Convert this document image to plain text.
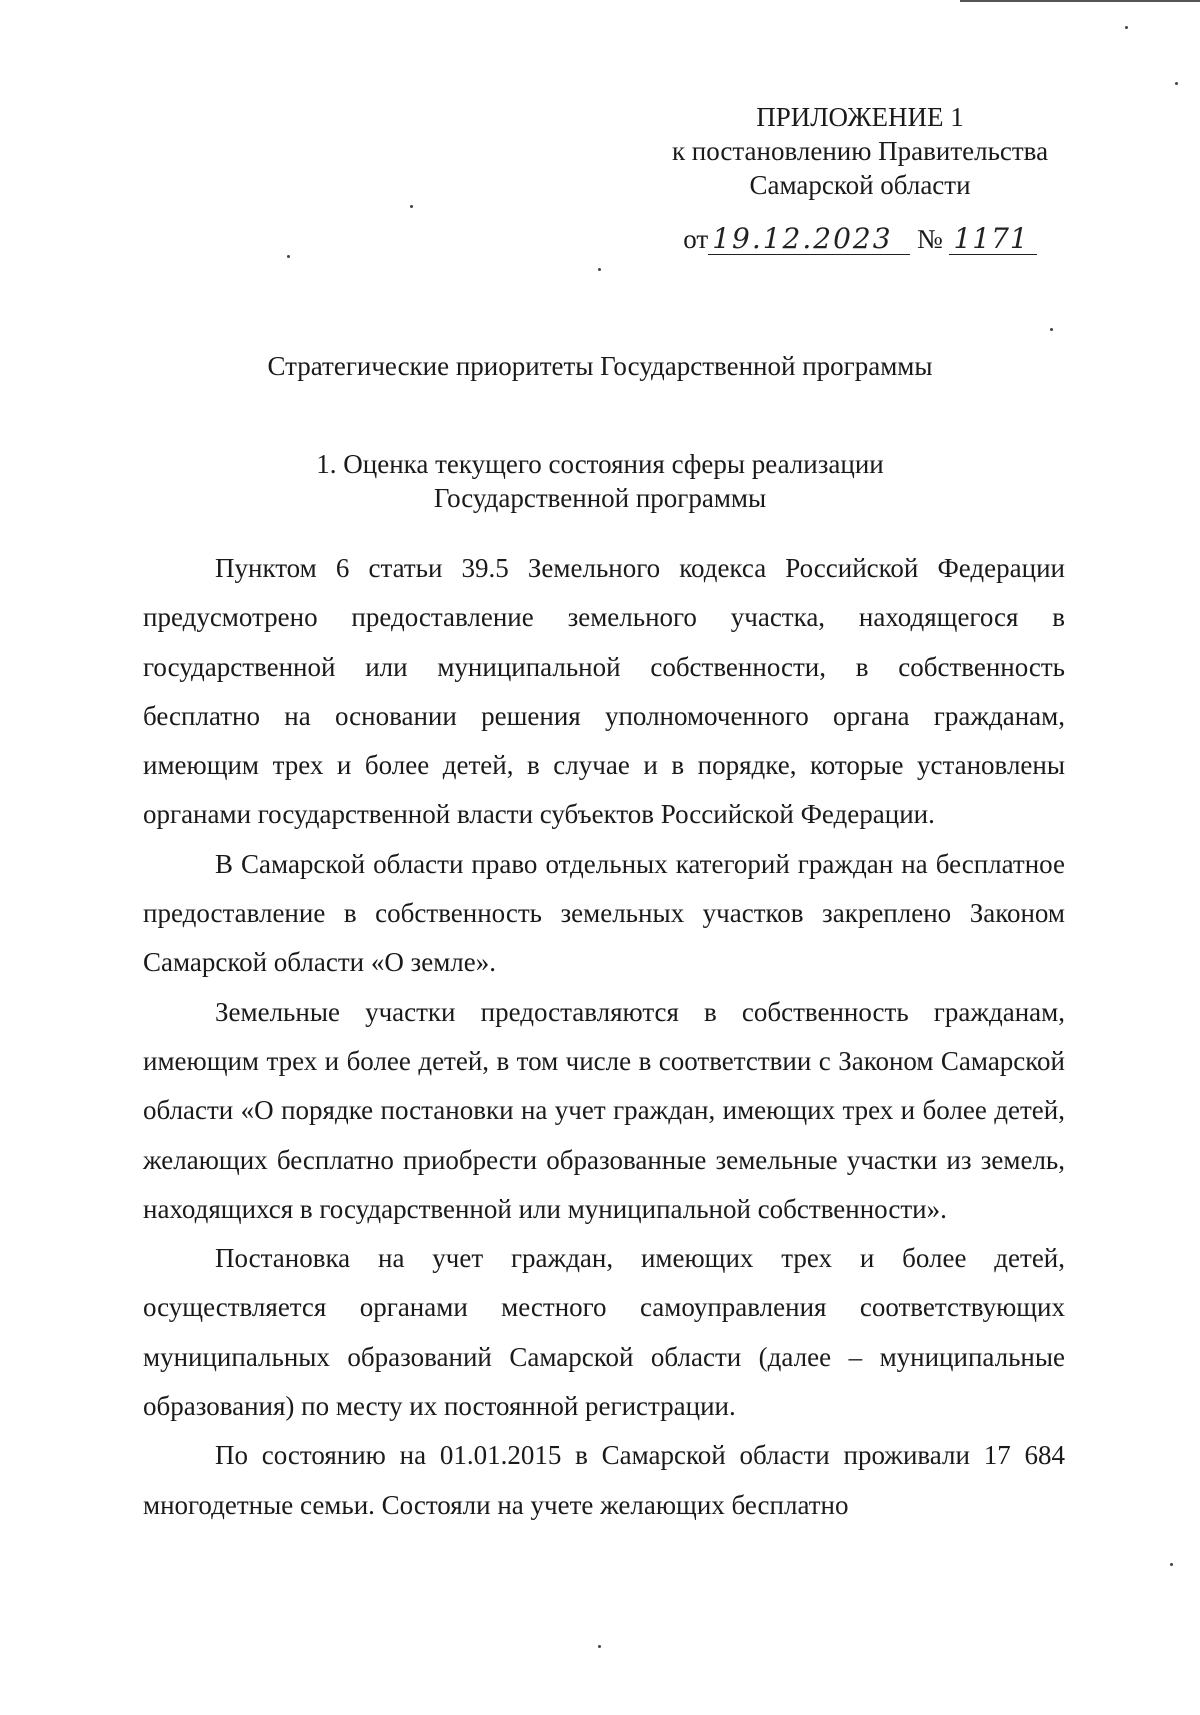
ПРИЛОЖЕНИЕ 1
к постановлению Правительства
Самарской области
от 19.12.2023 № 1171
Стратегические приоритеты Государственной программы
1. Оценка текущего состояния сферы реализации
Государственной программы

Пунктом 6 статьи 39.5 Земельного кодекса Российской Федерации предусмотрено предоставление земельного участка, находящегося в государственной или муниципальной собственности, в собственность бесплатно на основании решения уполномоченного органа гражданам, имеющим трех и более детей, в случае и в порядке, которые установлены органами государственной власти субъектов Российской Федерации.

В Самарской области право отдельных категорий граждан на бесплатное предоставление в собственность земельных участков закреплено Законом Самарской области «О земле».

Земельные участки предоставляются в собственность гражданам, имеющим трех и более детей, в том числе в соответствии с Законом Самарской области «О порядке постановки на учет граждан, имеющих трех и более детей, желающих бесплатно приобрести образованные земельные участки из земель, находящихся в государственной или муниципальной собственности».

Постановка на учет граждан, имеющих трех и более детей, осуществляется органами местного самоуправления соответствующих муниципальных образований Самарской области (далее – муниципальные образования) по месту их постоянной регистрации.

По состоянию на 01.01.2015 в Самарской области проживали 17 684 многодетные семьи. Состояли на учете желающих бесплатно
